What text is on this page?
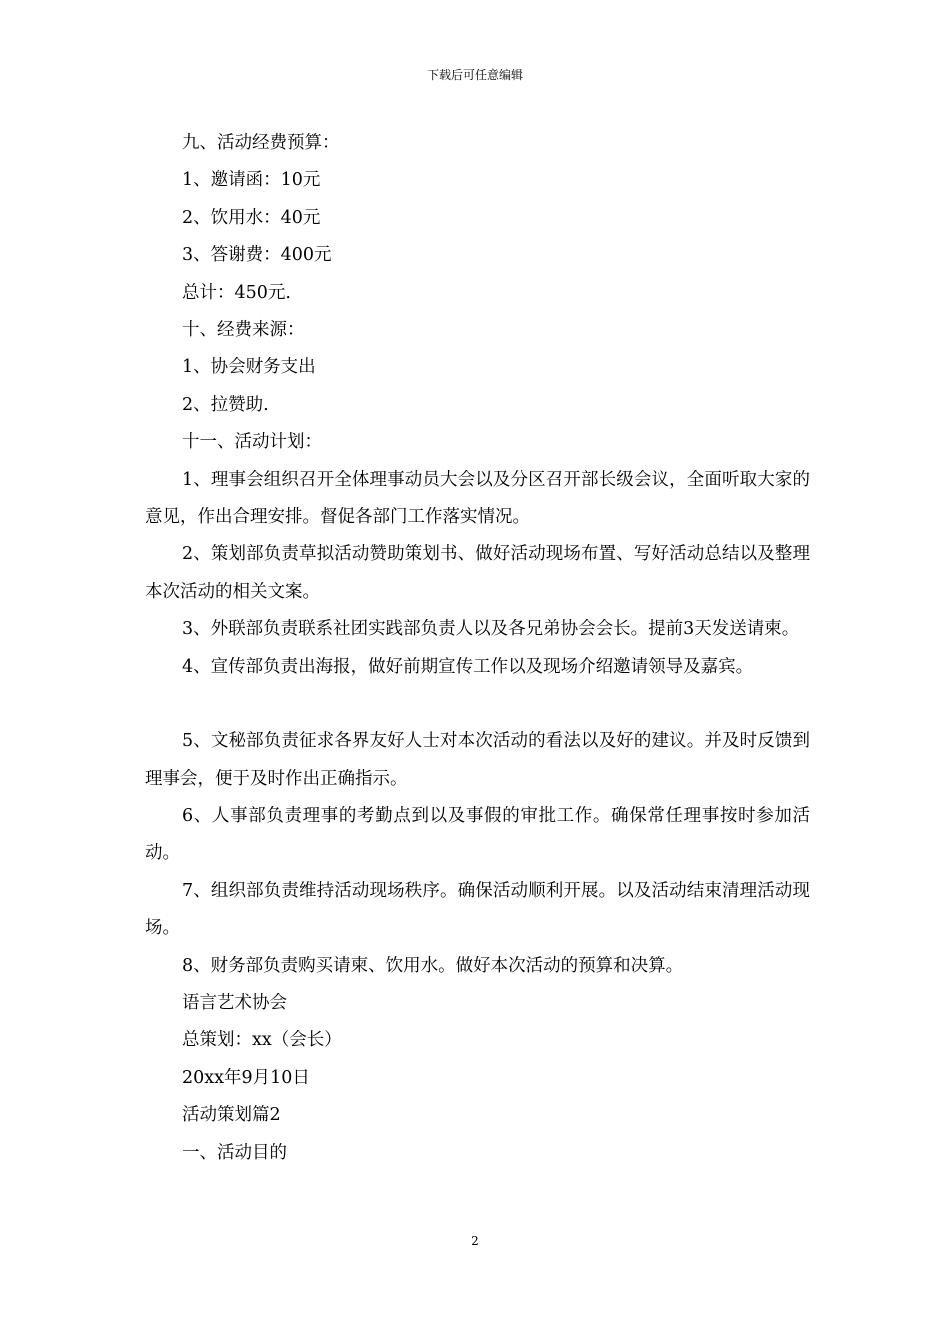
下载后可任意编辑

九、活动经费预算：

1、邀请函：10元

2、饮用水：40元

3、答谢费：400元

总计：450元.

十、经费来源：

1、协会财务支出

2、拉赞助.

十一、活动计划：

1、理事会组织召开全体理事动员大会以及分区召开部长级会议，全面听取大家的意见，作出合理安排。督促各部门工作落实情况。

2、策划部负责草拟活动赞助策划书、做好活动现场布置、写好活动总结以及整理本次活动的相关文案。

3、外联部负责联系社团实践部负责人以及各兄弟协会会长。提前3天发送请柬。

4、宣传部负责出海报，做好前期宣传工作以及现场介绍邀请领导及嘉宾。

5、文秘部负责征求各界友好人士对本次活动的看法以及好的建议。并及时反馈到理事会，便于及时作出正确指示。

6、人事部负责理事的考勤点到以及事假的审批工作。确保常任理事按时参加活动。

7、组织部负责维持活动现场秩序。确保活动顺利开展。以及活动结束清理活动现场。

8、财务部负责购买请柬、饮用水。做好本次活动的预算和决算。

语言艺术协会

总策划：xx（会长）

20xx年9月10日

活动策划篇2

一、活动目的

2
